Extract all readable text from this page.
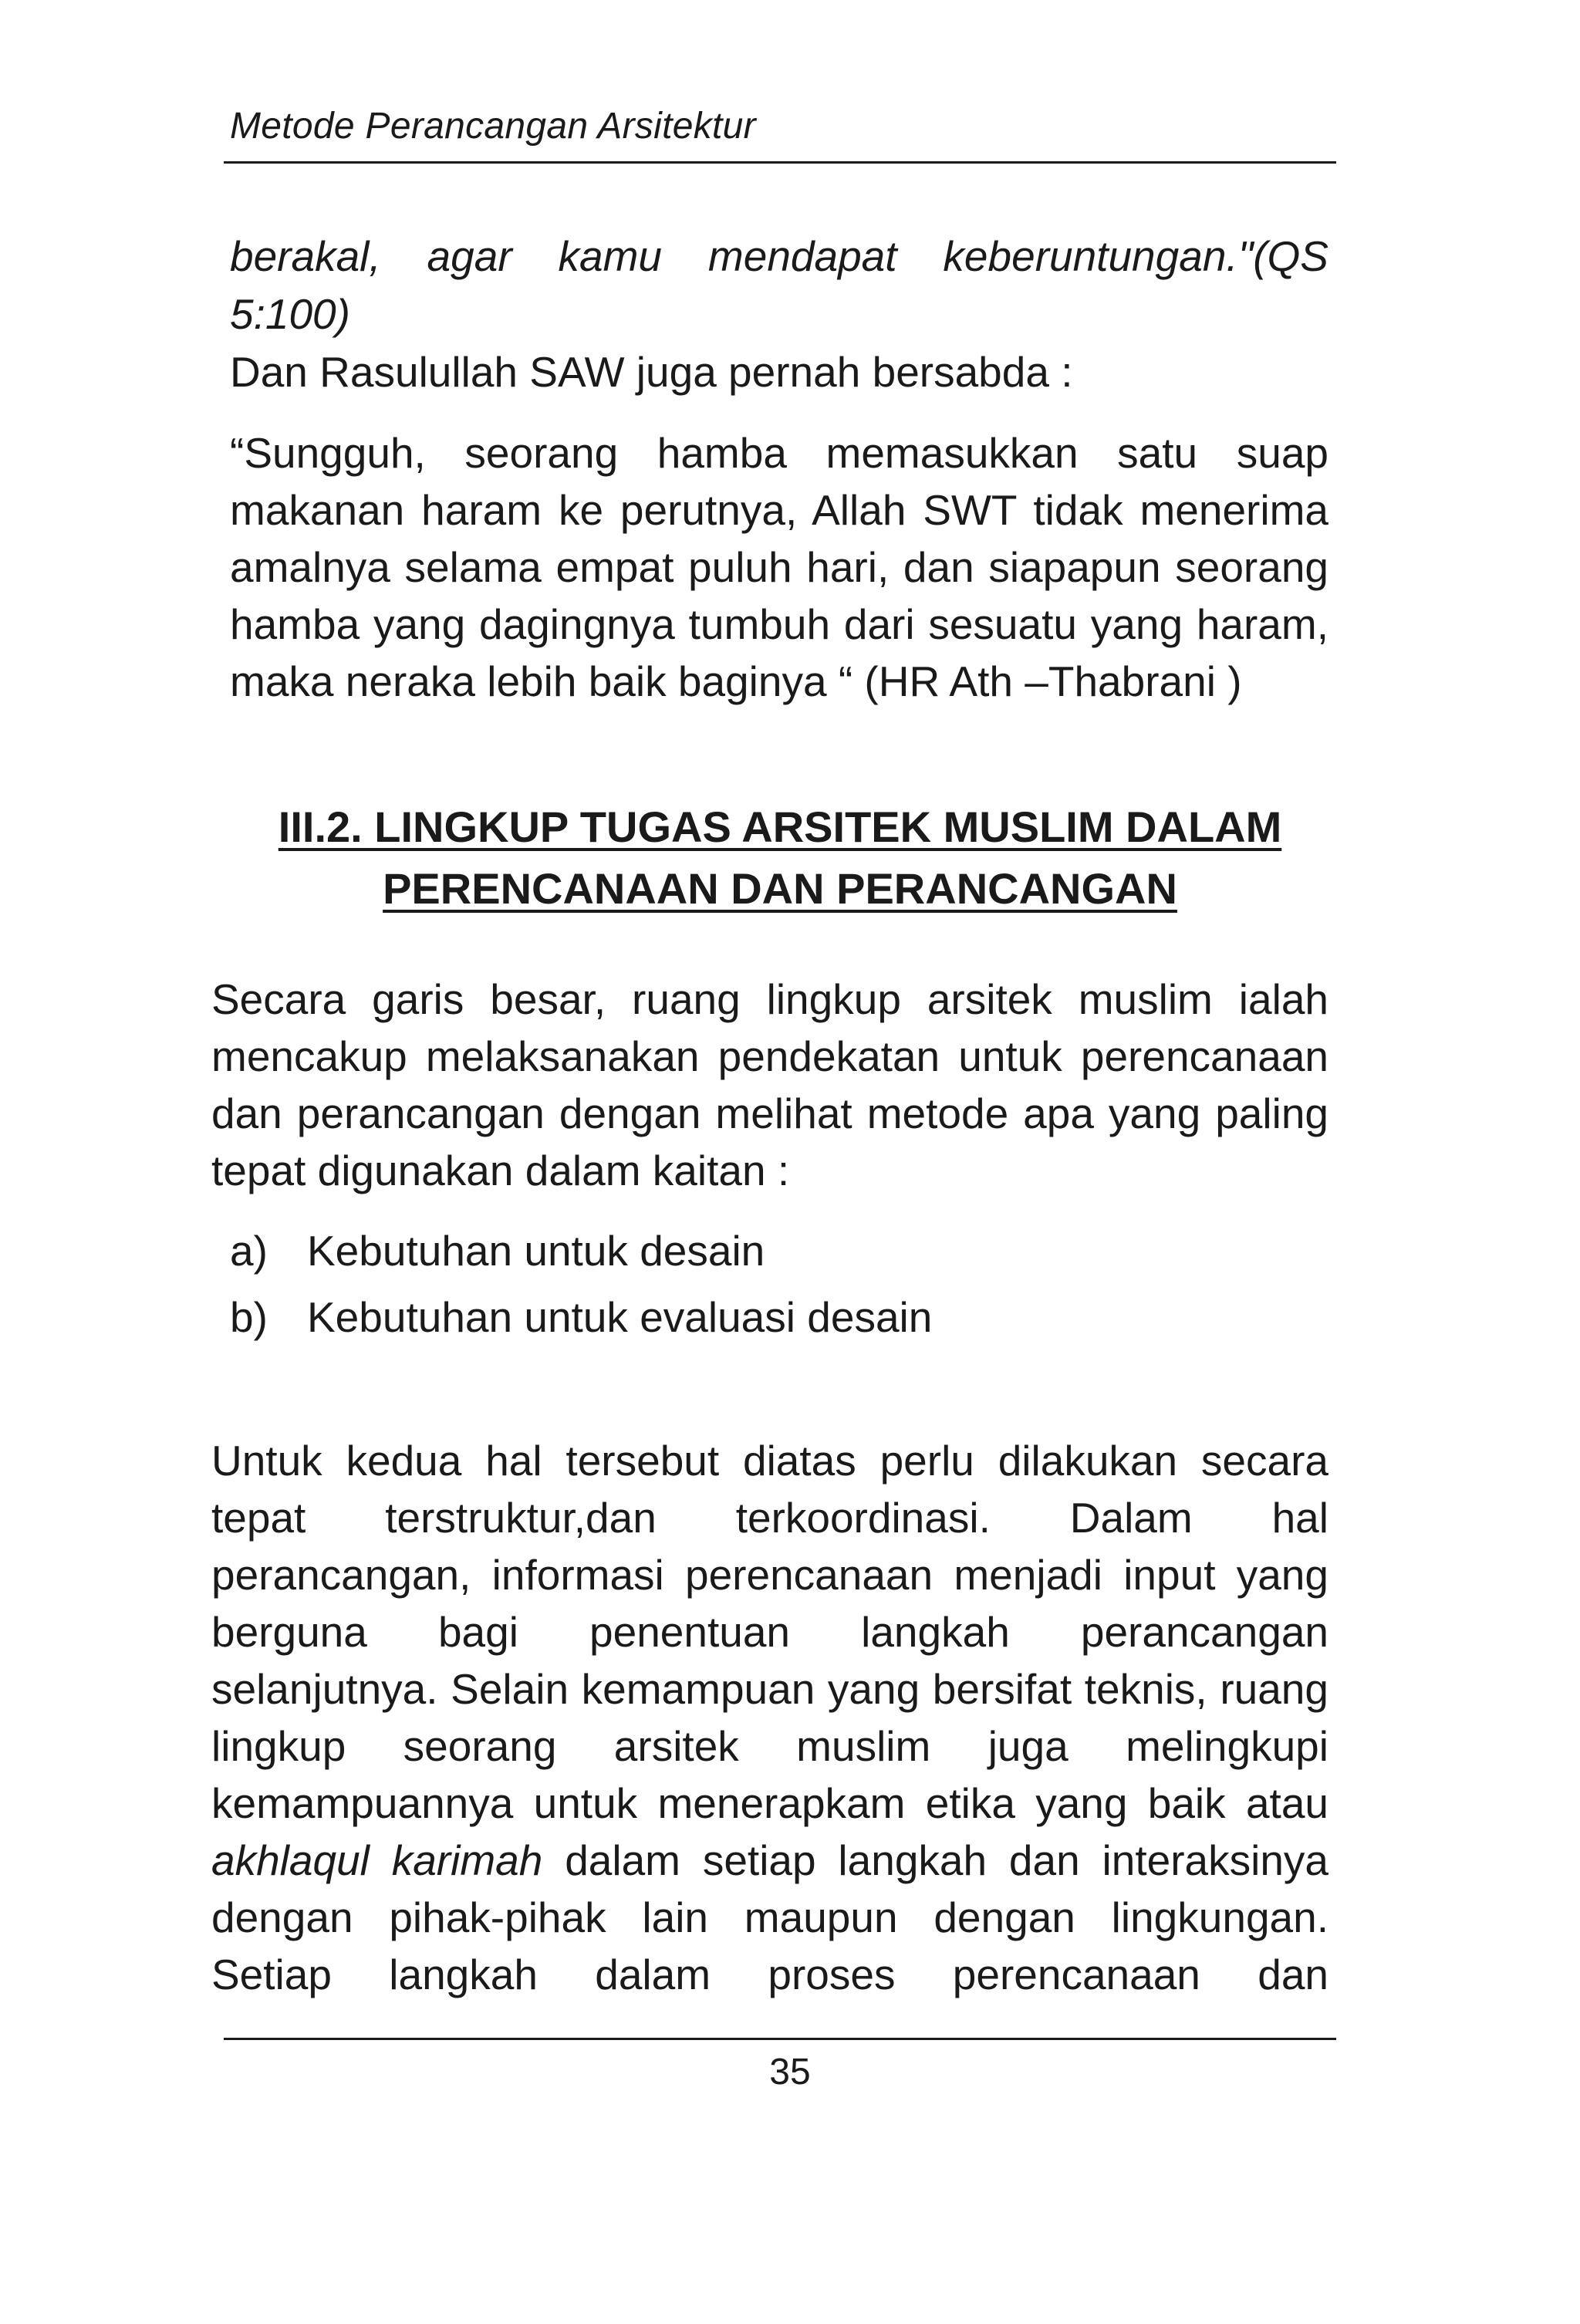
Metode Perancangan Arsitektur
berakal, agar kamu mendapat keberuntungan."(QS
5:100)
Dan Rasulullah SAW juga pernah bersabda :
“Sungguh, seorang hamba memasukkan satu suap
makanan haram ke perutnya, Allah SWT tidak menerima
amalnya selama empat puluh hari, dan siapapun seorang
hamba yang dagingnya tumbuh dari sesuatu yang haram,
maka neraka lebih baik baginya “ (HR Ath –Thabrani )
III.2. LINGKUP TUGAS ARSITEK MUSLIM DALAM
PERENCANAAN DAN PERANCANGAN
Secara garis besar, ruang lingkup arsitek muslim ialah
mencakup melaksanakan pendekatan untuk perencanaan
dan perancangan dengan melihat metode apa yang paling
tepat digunakan dalam kaitan :
a) Kebutuhan untuk desain
b) Kebutuhan untuk evaluasi desain
Untuk kedua hal tersebut diatas perlu dilakukan secara
tepat terstruktur,dan terkoordinasi. Dalam hal
perancangan, informasi perencanaan menjadi input yang
berguna bagi penentuan langkah perancangan
selanjutnya. Selain kemampuan yang bersifat teknis, ruang
lingkup seorang arsitek muslim juga melingkupi
kemampuannya untuk menerapkam etika yang baik atau
akhlaqul karimah dalam setiap langkah dan interaksinya
dengan pihak-pihak lain maupun dengan lingkungan.
Setiap langkah dalam proses perencanaan dan
35
